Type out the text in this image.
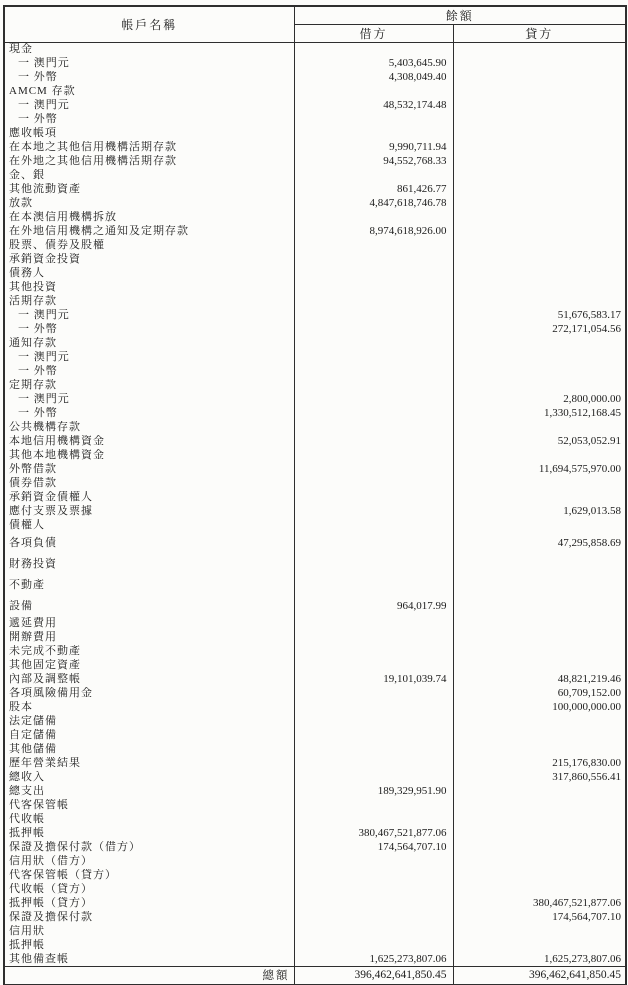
帳戶名稱	餘額	
	借方	貸方
現金		
一 澳門元	5,403,645.90	
一 外幣	4,308,049.40	
AMCM 存款		
一 澳門元	48,532,174.48	
一 外幣		
應收帳項		
在本地之其他信用機構活期存款	9,990,711.94	
在外地之其他信用機構活期存款	94,552,768.33	
金、銀		
其他流動資產	861,426.77	
放款	4,847,618,746.78	
在本澳信用機構拆放		
在外地信用機構之通知及定期存款	8,974,618,926.00	
股票、債券及股權		
承銷資金投資		
債務人		
其他投資		
活期存款		
一 澳門元		51,676,583.17
一 外幣		272,171,054.56
通知存款		
一 澳門元		
一 外幣		
定期存款		
一 澳門元		2,800,000.00
一 外幣		1,330,512,168.45
公共機構存款		
本地信用機構資金		52,053,052.91
其他本地機構資金		
外幣借款		11,694,575,970.00
債券借款		
承銷資金債權人		
應付支票及票據		1,629,013.58
債權人		
各項負債		47,295,858.69
財務投資		
不動產		
設備	964,017.99	
遞延費用		
開辦費用		
未完成不動產		
其他固定資產		
內部及調整帳	19,101,039.74	48,821,219.46
各項風險備用金		60,709,152.00
股本		100,000,000.00
法定儲備		
自定儲備		
其他儲備		
歷年營業結果		215,176,830.00
總收入		317,860,556.41
總支出	189,329,951.90	
代客保管帳		
代收帳		
抵押帳	380,467,521,877.06	
保證及擔保付款（借方）	174,564,707.10	
信用狀（借方）		
代客保管帳（貸方）		
代收帳（貸方）		
抵押帳（貸方）		380,467,521,877.06
保證及擔保付款		174,564,707.10
信用狀		
抵押帳		
其他備查帳	1,625,273,807.06	1,625,273,807.06
總額	396,462,641,850.45	396,462,641,850.45
